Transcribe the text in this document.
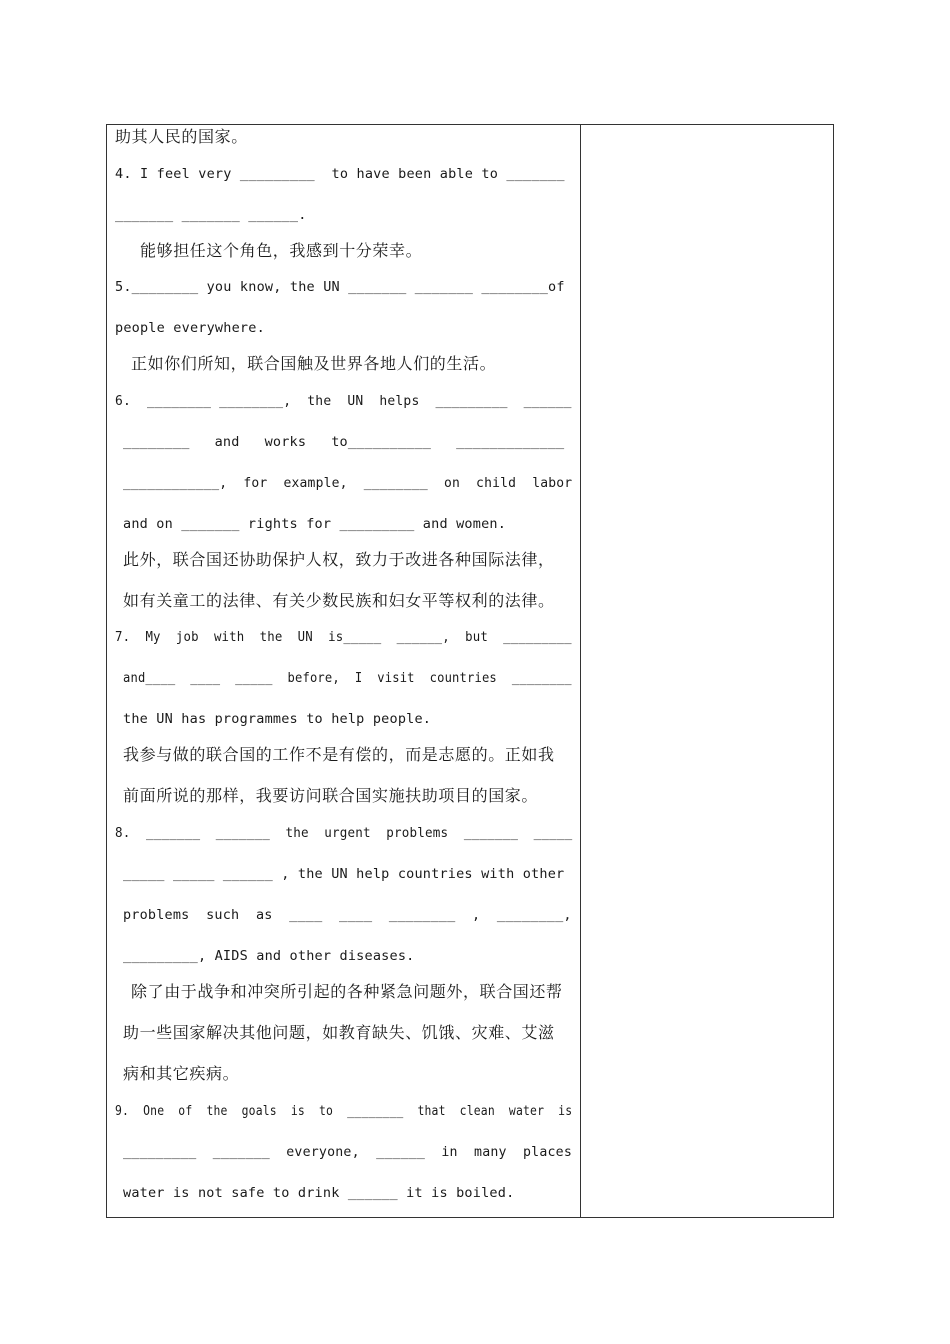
助其人民的国家。
4. I feel very _________  to have been able to _______
_______ _______ ______.
能够担任这个角色，我感到十分荣幸。
5.________ you know, the UN _______ _______ ________of
people everywhere.
正如你们所知，联合国触及世界各地人们的生活。
6.  ________ ________,  the  UN  helps  _________  ______
________   and   works   to__________   _____________
____________,  for  example,  ________  on  child  labor
and on _______ rights for _________ and women.
此外，联合国还协助保护人权，致力于改进各种国际法律，
如有关童工的法律、有关少数民族和妇女平等权利的法律。
7.  My  job  with  the  UN  is_____  ______,  but  _________
and____  ____  _____  before,  I  visit  countries  ________
the UN has programmes to help people.
我参与做的联合国的工作不是有偿的，而是志愿的。正如我
前面所说的那样，我要访问联合国实施扶助项目的国家。
8.  _______  _______  the  urgent  problems  _______  _____
_____ _____ ______ , the UN help countries with other
problems  such  as  ____  ____  ________  ,  ________,
_________, AIDS and other diseases.
除了由于战争和冲突所引起的各种紧急问题外，联合国还帮
助一些国家解决其他问题，如教育缺失、饥饿、灾难、艾滋
病和其它疾病。
9.  One  of  the  goals  is  to  ________  that  clean  water  is
_________  _______  everyone,  ______  in  many  places
water is not safe to drink ______ it is boiled.
